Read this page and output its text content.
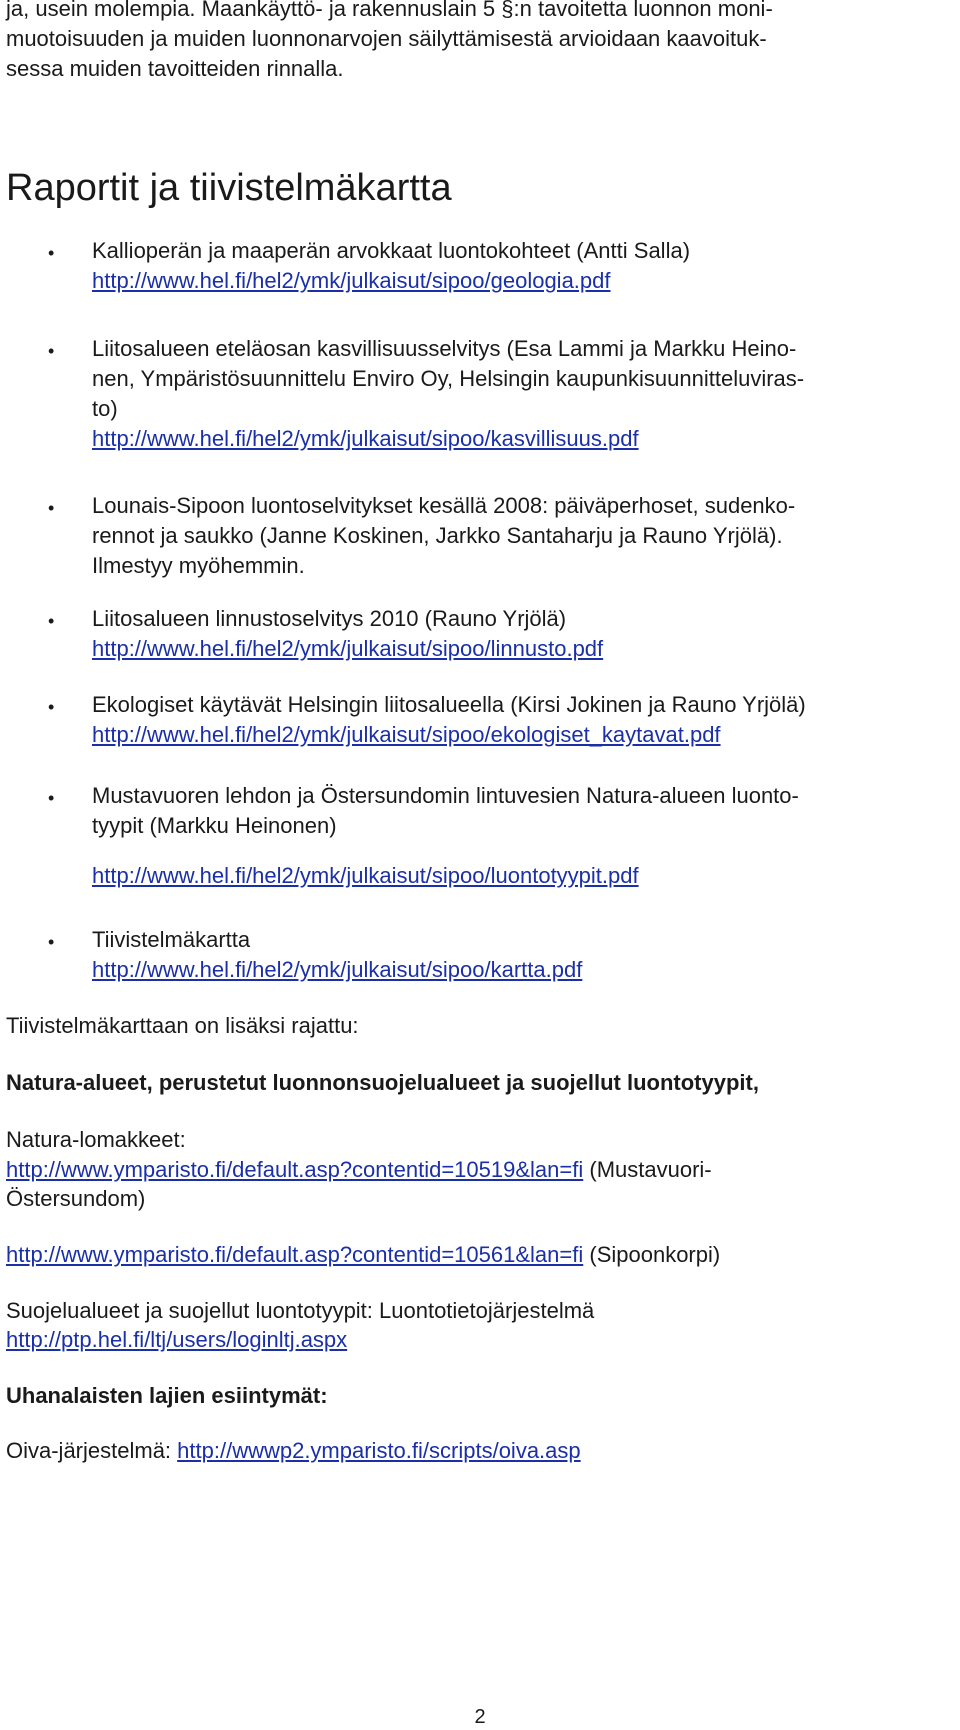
ja, usein molempia. Maankäyttö- ja rakennuslain 5 §:n tavoitetta luonnon moni-
muotoisuuden ja muiden luonnonarvojen säilyttämisestä arvioidaan kaavoituk-
sessa muiden tavoitteiden rinnalla.

Raportit ja tiivistelmäkartta
• Kallioperän ja maaperän arvokkaat luontokohteet (Antti Salla)
http://www.hel.fi/hel2/ymk/julkaisut/sipoo/geologia.pdf
• Liitosalueen eteläosan kasvillisuusselvitys (Esa Lammi ja Markku Heino-
nen, Ympäristösuunnittelu Enviro Oy, Helsingin kaupunkisuunnitteluviras-
to)
http://www.hel.fi/hel2/ymk/julkaisut/sipoo/kasvillisuus.pdf
• Lounais-Sipoon luontoselvitykset kesällä 2008: päiväperhoset, sudenko-
rennot ja saukko (Janne Koskinen, Jarkko Santaharju ja Rauno Yrjölä).
Ilmestyy myöhemmin.
• Liitosalueen linnustoselvitys 2010 (Rauno Yrjölä)
http://www.hel.fi/hel2/ymk/julkaisut/sipoo/linnusto.pdf
• Ekologiset käytävät Helsingin liitosalueella (Kirsi Jokinen ja Rauno Yrjölä)
http://www.hel.fi/hel2/ymk/julkaisut/sipoo/ekologiset_kaytavat.pdf
• Mustavuoren lehdon ja Östersundomin lintuvesien Natura-alueen luonto-
tyypit (Markku Heinonen)
http://www.hel.fi/hel2/ymk/julkaisut/sipoo/luontotyypit.pdf
• Tiivistelmäkartta
http://www.hel.fi/hel2/ymk/julkaisut/sipoo/kartta.pdf

Tiivistelmäkarttaan on lisäksi rajattu:

Natura-alueet, perustetut luonnonsuojelualueet ja suojellut luontotyypit,

Natura-lomakkeet:

http://www.ymparisto.fi/default.asp?contentid=10519&lan=fi (Mustavuori-

Östersundom)

http://www.ymparisto.fi/default.asp?contentid=10561&lan=fi (Sipoonkorpi)

Suojelualueet ja suojellut luontotyypit: Luontotietojärjestelmä

http://ptp.hel.fi/ltj/users/loginltj.aspx

Uhanalaisten lajien esiintymät:

Oiva-järjestelmä: http://wwwp2.ymparisto.fi/scripts/oiva.asp

2
